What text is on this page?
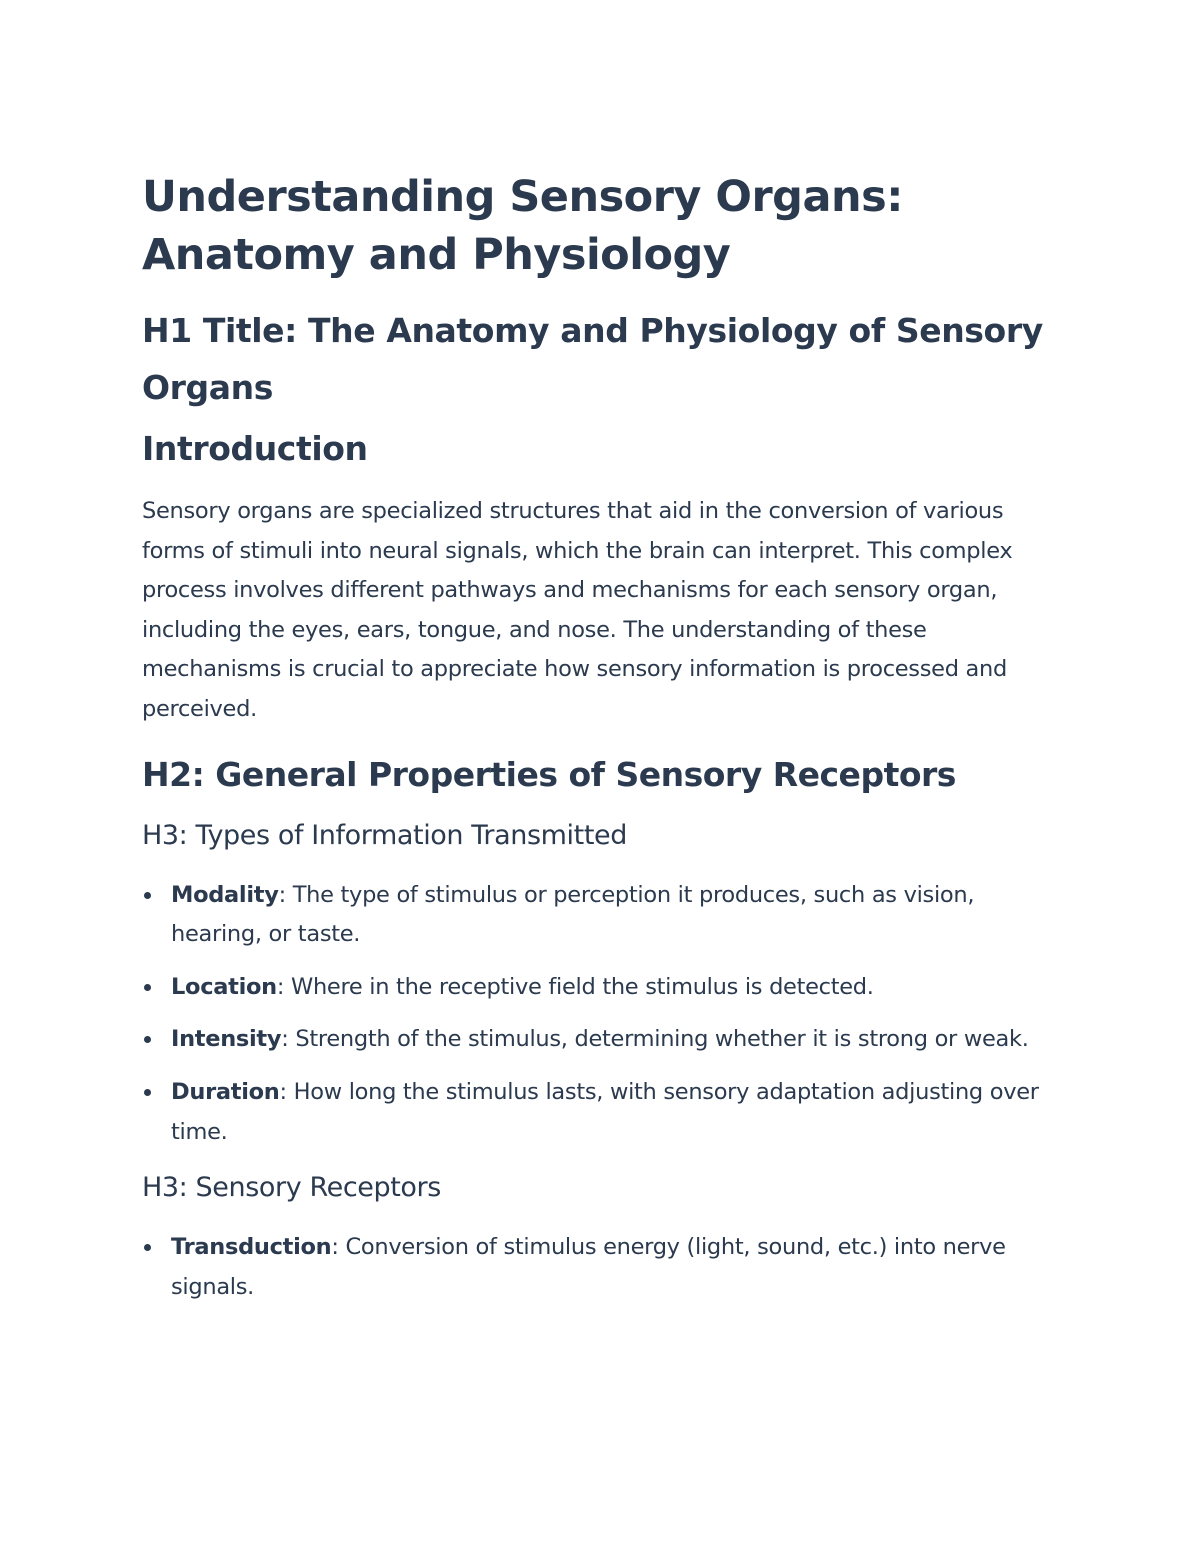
Understanding Sensory Organs: Anatomy and Physiology
H1 Title: The Anatomy and Physiology of Sensory Organs
Introduction

Sensory organs are specialized structures that aid in the conversion of various forms of stimuli into neural signals, which the brain can interpret. This complex process involves different pathways and mechanisms for each sensory organ, including the eyes, ears, tongue, and nose. The understanding of these mechanisms is crucial to appreciate how sensory information is processed and perceived.

H2: General Properties of Sensory Receptors
H3: Types of Information Transmitted
Modality: The type of stimulus or perception it produces, such as vision, hearing, or taste.
Location: Where in the receptive field the stimulus is detected.
Intensity: Strength of the stimulus, determining whether it is strong or weak.
Duration: How long the stimulus lasts, with sensory adaptation adjusting over time.
H3: Sensory Receptors
Transduction: Conversion of stimulus energy (light, sound, etc.) into nerve signals.
